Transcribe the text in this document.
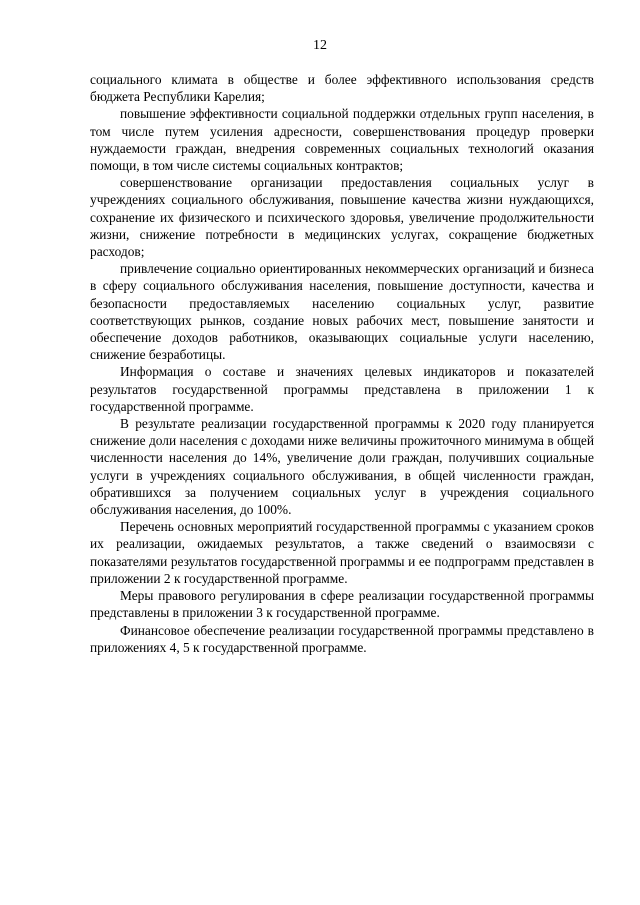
12

социального климата в обществе и более эффективного использования средств бюджета Республики Карелия;

повышение эффективности социальной поддержки отдельных групп населения, в том числе путем усиления адресности, совершенствования процедур проверки нуждаемости граждан, внедрения современных социальных технологий оказания помощи, в том числе системы социальных контрактов;

совершенствование организации предоставления социальных услуг в учреждениях социального обслуживания, повышение качества жизни нуждающихся, сохранение их физического и психического здоровья, увеличение продолжительности жизни, снижение потребности в медицинских услугах, сокращение бюджетных расходов;

привлечение социально ориентированных некоммерческих организаций и бизнеса в сферу социального обслуживания населения, повышение доступности, качества и безопасности предоставляемых населению социальных услуг, развитие соответствующих рынков, создание новых рабочих мест, повышение занятости и обеспечение доходов работников, оказывающих социальные услуги населению, снижение безработицы.

Информация о составе и значениях целевых индикаторов и показателей результатов государственной программы представлена в приложении 1 к государственной программе.

В результате реализации государственной программы к 2020 году планируется снижение доли населения с доходами ниже величины прожиточного минимума в общей численности населения до 14%, увеличение доли граждан, получивших социальные услуги в учреждениях социального обслуживания, в общей численности граждан, обратившихся за получением социальных услуг в учреждения социального обслуживания населения, до 100%.

Перечень основных мероприятий государственной программы с указанием сроков их реализации, ожидаемых результатов, а также сведений о взаимосвязи с показателями результатов государственной программы и ее подпрограмм представлен в приложении 2 к государственной программе.

Меры правового регулирования в сфере реализации государственной программы представлены в приложении 3 к государственной программе.

Финансовое обеспечение реализации государственной программы представлено в приложениях 4, 5 к государственной программе.
